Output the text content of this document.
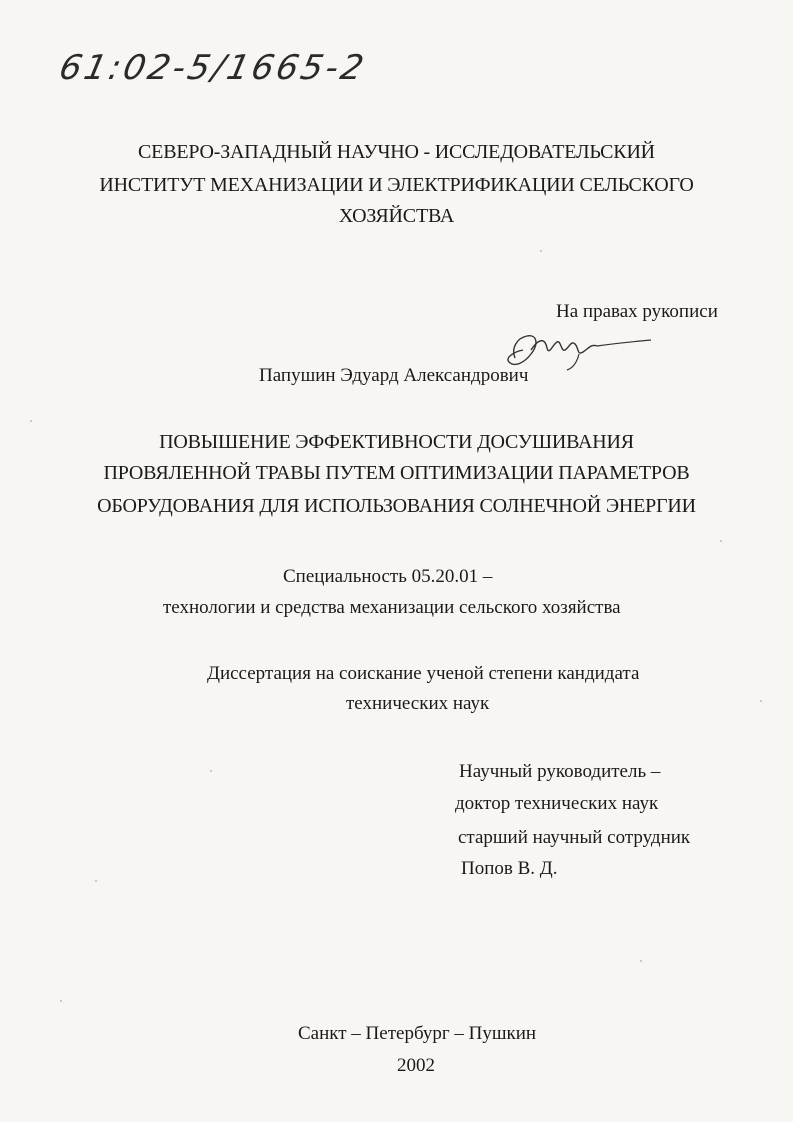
61:02-5/1665-2
СЕВЕРО-ЗАПАДНЫЙ НАУЧНО - ИССЛЕДОВАТЕЛЬСКИЙ
ИНСТИТУТ МЕХАНИЗАЦИИ И ЭЛЕКТРИФИКАЦИИ СЕЛЬСКОГО
ХОЗЯЙСТВА
На правах рукописи
Папушин Эдуард Александрович
ПОВЫШЕНИЕ ЭФФЕКТИВНОСТИ ДОСУШИВАНИЯ
ПРОВЯЛЕННОЙ ТРАВЫ ПУТЕМ ОПТИМИЗАЦИИ ПАРАМЕТРОВ
ОБОРУДОВАНИЯ ДЛЯ ИСПОЛЬЗОВАНИЯ СОЛНЕЧНОЙ ЭНЕРГИИ
Специальность 05.20.01 –
технологии и средства механизации сельского хозяйства
Диссертация на соискание ученой степени кандидата
технических наук
Научный руководитель –
доктор технических наук
старший научный сотрудник
Попов В. Д.
Санкт – Петербург – Пушкин
2002
